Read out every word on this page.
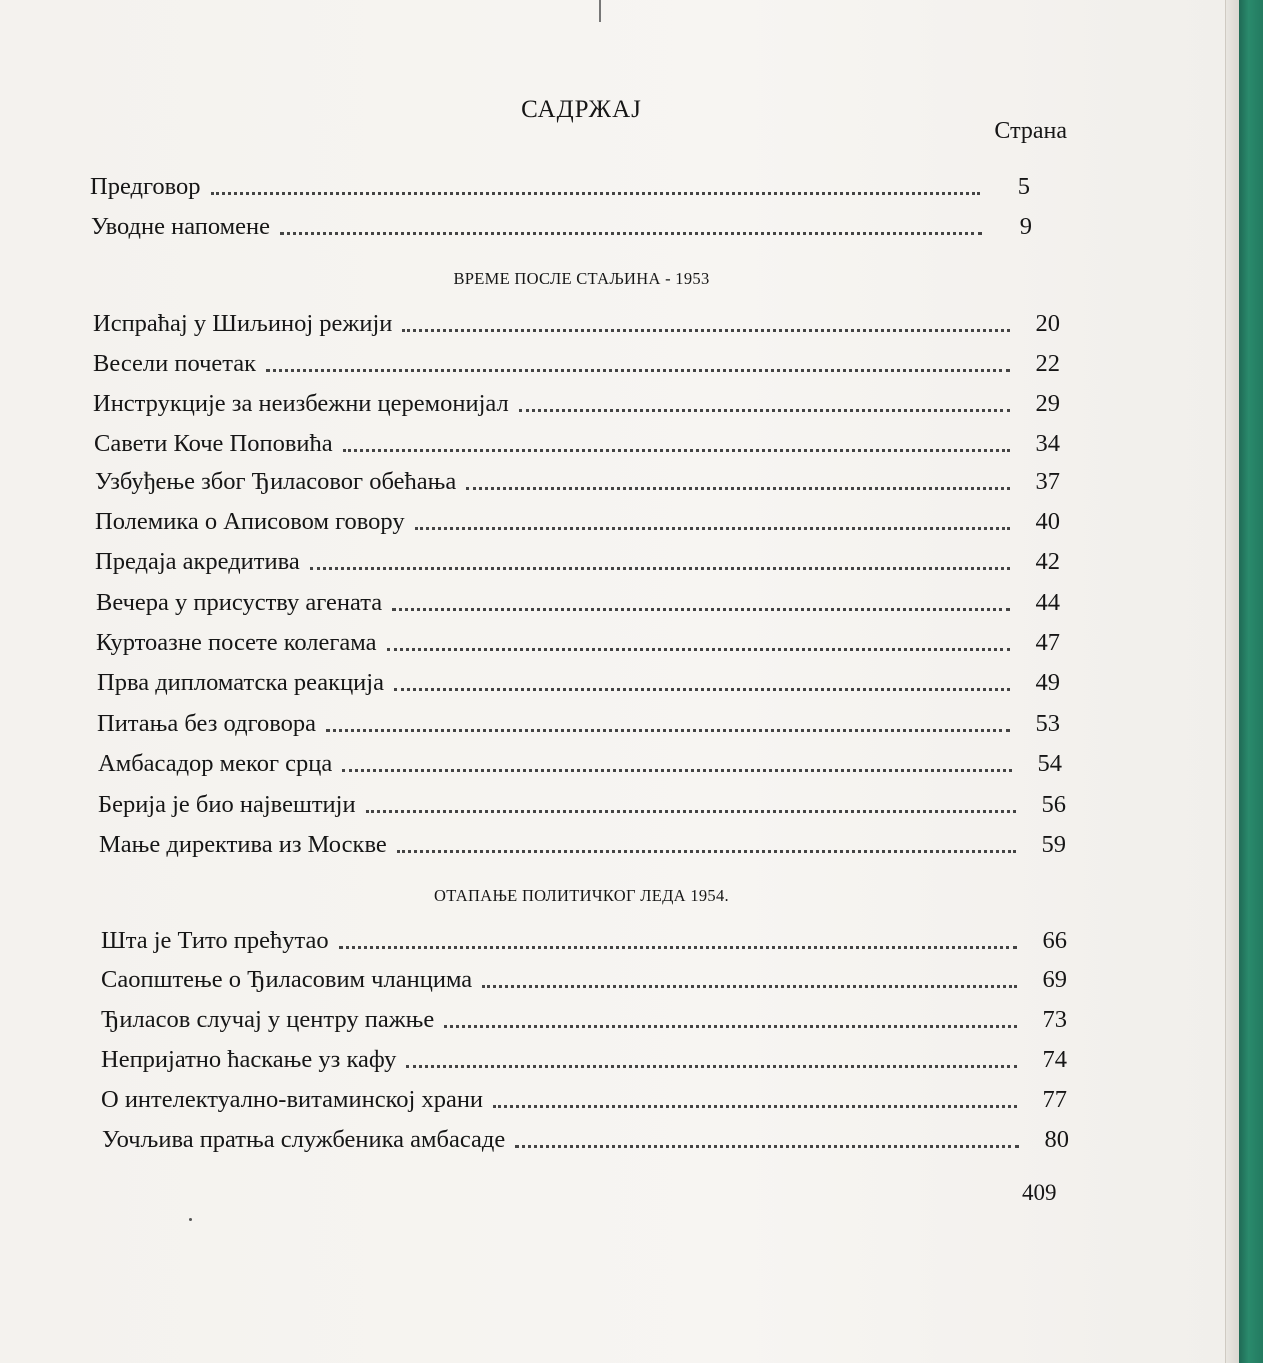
САДРЖАЈ
Страна
Предговор	5
Уводне напомене	9
ВРЕМЕ ПОСЛЕ СТАЉИНА - 1953
Испраћај у Шиљиној режији	20
Весели почетак	22
Инструкције за неизбежни церемонијал	29
Савети Коче Поповића	34
Узбуђење због Ђиласовог обећања	37
Полемика о Аписовом говору	40
Предаја акредитива	42
Вечера у присуству агената	44
Куртоазне посете колегама	47
Прва дипломатска реакција	49
Питања без одговора	53
Амбасадор меког срца	54
Берија је био највештији	56
Мање директива из Москве	59
ОТАПАЊЕ ПОЛИТИЧКОГ ЛЕДА 1954.
Шта је Тито прећутао	66
Саопштење о Ђиласовим чланцима	69
Ђиласов случај у центру пажње	73
Непријатно ћаскање уз кафу	74
О интелектуално-витаминској храни	77
Уочљива пратња службеника амбасаде	80
409
